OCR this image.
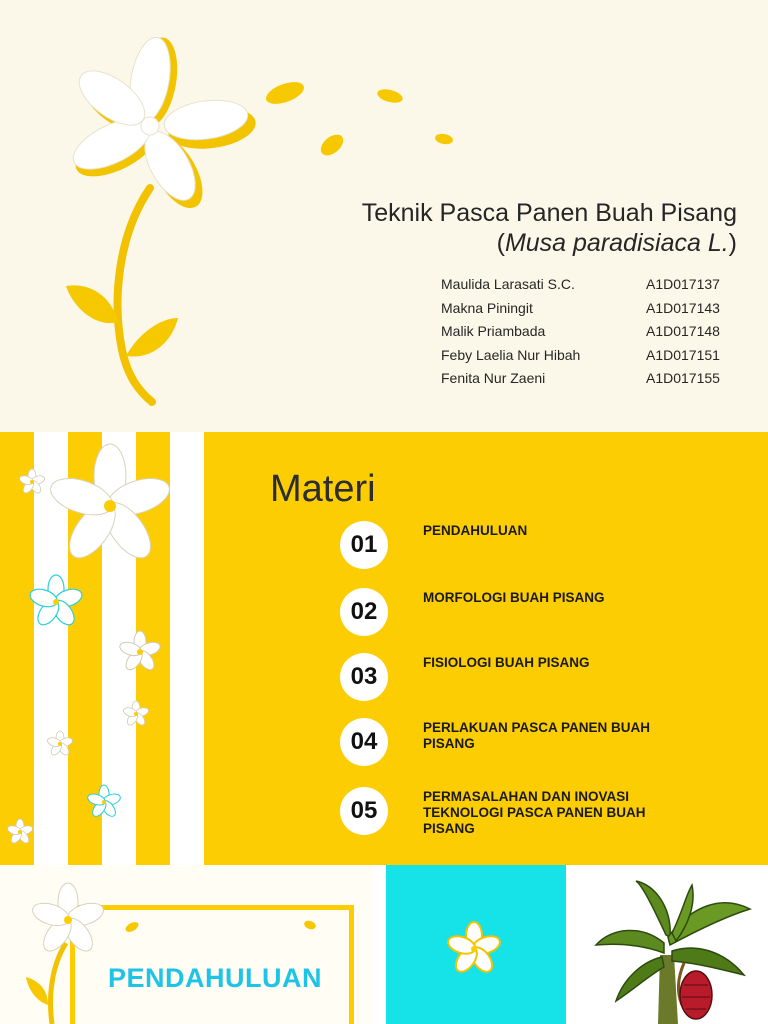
Teknik Pasca Panen Buah Pisang
(Musa paradisiaca L.)
Maulida Larasati S.C.	A1D017137
Makna Piningit	A1D017143
Malik Priambada	A1D017148
Feby Laelia Nur Hibah	A1D017151
Fenita Nur Zaeni	A1D017155
Materi
01
PENDAHULUAN
02
MORFOLOGI BUAH PISANG
03
FISIOLOGI BUAH PISANG
04
PERLAKUAN PASCA PANEN BUAH PISANG
05
PERMASALAHAN DAN INOVASI TEKNOLOGI PASCA PANEN BUAH PISANG
PENDAHULUAN
